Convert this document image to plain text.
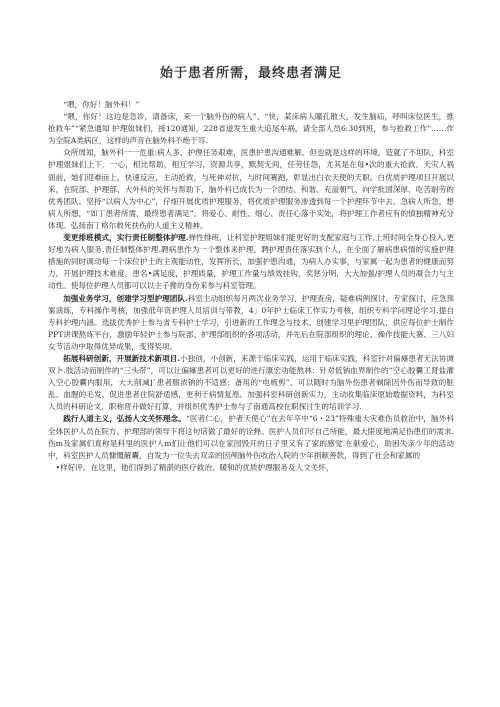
始于患者所需，最终患者满足

“喂，你好！脑外科！”

“喂，你好！这边是急诊，请备床，来一个脑外伤的病人”、“快，某床病人瞳孔散大，发生脑疝，呼叫床位医生，推抢救车”“紧急通知 护理姐妹们，接120通知，228省道发生重大追尾车祸，请全部人员6:30到班，参与抢救工作”……作为全院A类病区，这样的声音在脑外科不绝于耳.

众所周知，脑外科一一危重:病人多，护理任务艰难，医患护患沟通难解。但也就是这样的环境，造就了不坦队，科室护理姐妹们上下．一心，相比帮助，相互学习，资源共享，默契无间，任劳任怨，尤其是在每•次的重大抢救、天灾人祸面前，她们迎难而上，快速反应，主动抢救，与死神对抗，与时间赛跑，彰显出白衣天使的天职。白优质护理项目开展以来，在院部、护理部、大外科的关怀与帮助下，脑外科已成长为一个团结、和谐、充溢朝气、向学批国深厚、吃苦耐劳的优秀团队。坚持“以病人为中心”，仔细开展优质护理服务，将优质护理服务渗透到每一个护理环节中去。急病人所急，想病人所想，“如丁患者所需，最终患者满足”，将爱心、耐性、细心、责任心落于实处，将护理工作者应有的慎独精神充分体现。弘扬南丁格尔救死扶伤的人道主义精神。

变更排班模式，实行责任制整体护理.弹性排班，让科室护理姐妹们能更好的支配家庭与工作,上班时间全身心投入,更好地为病人服务.责任制整体护理.聘病患作为一个整体来护理，聘护理责任落实到个人，在全面了解病患病情的实施护理措施的同时调动每一个床位护士的主观能动性，发挥所长，加强护患沟通，为病人办实事，与家属一起为患者的健康而努力。开展护理技术难度，患名•满足度，护理质量，护理工作量与绩效挂钩，奖惩分明，大大加强/护理人员的凝合力与主动性。使每位护理人员都可以以主子搀的身份来参与科室管理。

加强业务学习，创建学习型护理团队.科室主动组织每月两次业务学习，护理查房，疑难病例探讨，专家探讨，应急预案演练，专科操作考核，加强低年资护理人员培训与带教，4」0年护士临床工作实力考核，组织专科学问理论学习.提自专科护理内涵。选拔优秀护士参与省专科护士学习，引进新的工作理念与技术。创建学习里护理团队，供应每位护士制作PPT讲课熬炼平台，激励年轻护士参与院部、护理部组织的各项活动，并先后在院部组织的理论、操作技能大赛、三八妇女节活动中取得优异成果，变得奖项。

拓展科研创新，开展新技术新项目.小独创，小创新，来源于临床实践，运用于临床实践，科室针对偏瘫患者无法协调双卜.肢活动而制作的“三头带”，可以让偏瘫患者可以更好的进行康宏功能熬林；针对低钠血界制作的“空心胶囊工肾盐灌入空心胶囊内服用，大大削减]`患者服浓钠的不适感；备用的“电梳剪”，可以随时为脑外伤患者剃除因外伤而导致的脏乱、血腥的毛发，促进患者住院舒适感，更利于病情复原。加强科室科研创新实力，主动收集临床原始数据资料，为科室人员的科研论文，职称晋升做好打算，并组织优秀护士参与了南通高校在职探讨生的培训学习.

践行人道主义，弘扬人文关怀理念。“医者仁心，护者天使心”在去年卒中“6・23”特殊重大灾难伤员救治中，脑外科全体医护人员在院方、护理部的领导下将这句话做了最好的诠释。医护人员们尽自己所能，最大限度地满足伤患们的需求.伤m及家属们真称是科里的医护人m们让他们可以在家园毁开的日子里又有了家的感觉.在献爱心，助困失亲少年的活动中，科室医护人员慷慨解囊，自发为一位失去双亲的因颅脑外伤收治入院的少年捐献善款，得到了社会和家属的

•样好评。在这里，他们得到了精湛的医疗救治、暖和的优质护理服务及人文关怀，
